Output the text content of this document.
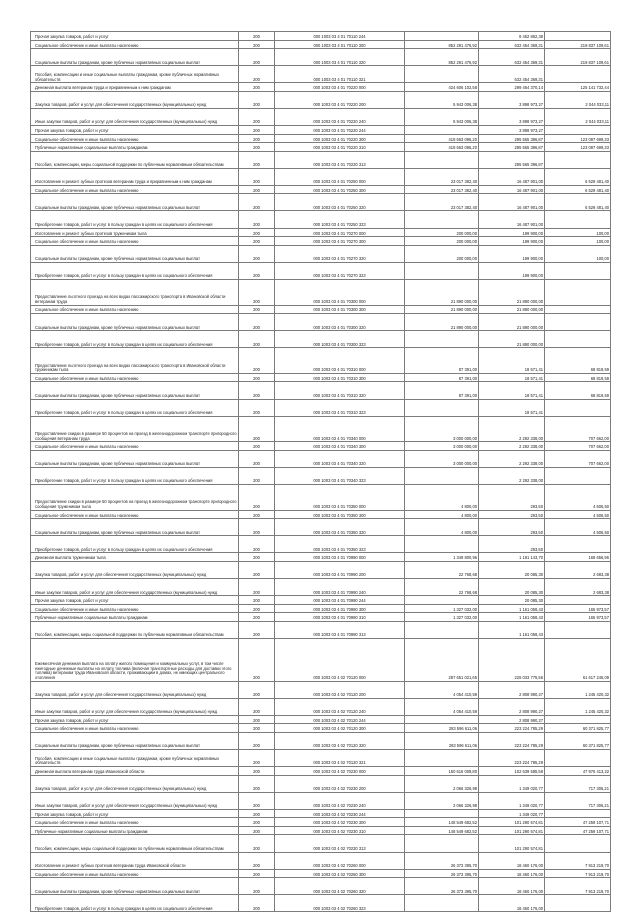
Прочая закупка товаров, работ и услуг	200	000 1003 03 4 01 70110 244		8 452 862,38	
Социальное обеспечение и иные выплаты населению	200	000 1003 03 4 01 70110 300	852 291 476,92	632 454 369,31	219 837 109,61
Социальные выплаты гражданам, кроме публичных нормативных социальных выплат	200	000 1003 03 4 01 70110 320	852 291 476,92	632 454 369,31	219 837 109,61
Пособия, компенсации и иные социальные выплаты гражданам, кроме публичных нормативных обязательств	200	000 1003 03 4 01 70110 321		632 454 369,31	
Денежная выплата ветеранам труда и приравненным к ним гражданам	200	000 1003 03 4 01 70220 000	424 606 102,58	299 464 370,14	125 141 732,44
Закупка товаров, работ и услуг для обеспечения государственных (муниципальных) нужд	200	000 1003 03 4 01 70220 200	5 943 006,38	3 898 973,27	2 044 033,11
Иные закупки товаров, работ и услуг для обеспечения государственных (муниципальных) нужд	200	000 1003 03 4 01 70220 240	5 943 006,38	3 898 973,27	2 044 033,11
Прочая закупка товаров, работ и услуг	200	000 1003 03 4 01 70220 244		3 898 973,27	
Социальное обеспечение и иные выплаты населению	200	000 1003 03 4 01 70220 300	418 663 096,20	295 565 396,87	123 097 699,33
Публичные нормативные социальные выплаты гражданам	200	000 1003 03 4 01 70220 310	418 663 096,20	295 565 396,87	123 097 699,33
Пособия, компенсации, меры социальной поддержки по публичным нормативным обязательствам	200	000 1003 03 4 01 70220 313		295 565 396,87	
Изготовление и ремонт зубных протезов ветеранам труда и приравненным к ним гражданам	200	000 1003 03 4 01 70250 000	23 017 382,40	16 487 901,00	6 529 481,40
Социальное обеспечение и иные выплаты населению	200	000 1003 03 4 01 70250 300	23 017 382,40	16 487 901,00	6 529 481,40
Социальные выплаты гражданам, кроме публичных нормативных социальных выплат	200	000 1003 03 4 01 70250 320	23 017 382,40	16 487 901,00	6 529 481,40
Приобретение товаров, работ и услуг в пользу граждан в целях их социального обеспечения	200	000 1003 03 4 01 70250 323		16 487 901,00	
Изготовление и ремонт зубных протезов труженикам тыла	200	000 1003 03 4 01 70270 000	200 000,00	199 900,00	100,00
Социальное обеспечение и иные выплаты населению	200	000 1003 03 4 01 70270 300	200 000,00	199 900,00	100,00
Социальные выплаты гражданам, кроме публичных нормативных социальных выплат	200	000 1003 03 4 01 70270 320	200 000,00	199 900,00	100,00
Приобретение товаров, работ и услуг в пользу граждан в целях их социального обеспечения	200	000 1003 03 4 01 70270 323		199 900,00	
Предоставление льготного проезда на всех видах пассажирского транспорта в Ивановской области ветеранам труда	200	000 1003 03 4 01 70300 000	21 890 000,00	21 890 000,00	
Социальное обеспечение и иные выплаты населению	200	000 1003 03 4 01 70300 300	21 890 000,00	21 890 000,00	
Социальные выплаты гражданам, кроме публичных нормативных социальных выплат	200	000 1003 03 4 01 70300 320	21 890 000,00	21 890 000,00	
Приобретение товаров, работ и услуг в пользу граждан в целях их социального обеспечения	200	000 1003 03 4 01 70300 323		21 890 000,00	
Предоставление льготного проезда на всех видах пассажирского транспорта в Ивановской области труженикам тыла	200	000 1003 03 4 01 70310 000	87 391,00	18 571,41	68 819,59
Социальное обеспечение и иные выплаты населению	200	000 1003 03 4 01 70310 300	87 391,00	18 571,41	68 819,59
Социальные выплаты гражданам, кроме публичных нормативных социальных выплат	200	000 1003 03 4 01 70310 320	87 391,00	18 571,41	68 819,59
Приобретение товаров, работ и услуг в пользу граждан в целях их социального обеспечения	200	000 1003 03 4 01 70310 323		18 571,41	
Предоставление скидки в размере 50 процентов на проезд в железнодорожном транспорте пригородного сообщения ветеранам труда	200	000 1003 03 4 01 70340 000	3 000 000,00	2 292 338,00	707 662,00
Социальное обеспечение и иные выплаты населению	200	000 1003 03 4 01 70340 300	3 000 000,00	2 292 338,00	707 662,00
Социальные выплаты гражданам, кроме публичных нормативных социальных выплат	200	000 1003 03 4 01 70340 320	3 000 000,00	2 292 338,00	707 662,00
Приобретение товаров, работ и услуг в пользу граждан в целях их социального обеспечения	200	000 1003 03 4 01 70340 323		2 292 338,00	
Предоставление скидки в размере 50 процентов на проезд в железнодорожном транспорте пригородного сообщения труженикам тыла	200	000 1003 03 4 01 70350 000	4 800,00	293,50	4 506,50
Социальное обеспечение и иные выплаты населению	200	000 1003 03 4 01 70350 300	4 800,00	293,50	4 506,50
Социальные выплаты гражданам, кроме публичных нормативных социальных выплат	200	000 1003 03 4 01 70350 320	4 800,00	293,50	4 506,50
Приобретение товаров, работ и услуг в пользу граждан в целях их социального обеспечения	200	000 1003 03 4 01 70350 323		293,50	
Денежная выплата труженикам тыла	200	000 1003 03 4 01 70990 000	1 349 800,96	1 181 143,70	168 656,96
Закупка товаров, работ и услуг для обеспечения государственных (муниципальных) нужд	200	000 1003 03 4 01 70990 200	22 768,68	20 085,30	2 683,38
Иные закупки товаров, работ и услуг для обеспечения государственных (муниципальных) нужд	200	000 1003 03 4 01 70990 240	22 768,68	20 085,30	2 683,38
Прочая закупка товаров, работ и услуг	200	000 1003 03 4 01 70990 244		20 085,30	
Социальное обеспечение и иные выплаты населению	200	000 1003 03 4 01 70990 300	1 327 032,00	1 161 058,43	165 973,57
Публичные нормативные социальные выплаты гражданам	200	000 1003 03 4 01 70990 310	1 327 032,00	1 161 058,43	165 973,57
Пособия, компенсации, меры социальной поддержки по публичным нормативным обязательствам	200	000 1003 03 4 01 70990 313		1 161 058,43	
Ежемесячная денежная выплата на оплату жилого помещения и коммунальных услуг, в том числе ежегодные денежные выплаты на оплату топлива (включая транспортные расходы для доставки этого топлива) ветеранам труда Ивановской области, проживающим в домах, не имеющих центрального отопления	200	000 1003 03 4 02 70120 000	287 651 021,65	226 033 775,56	61 617 246,09
Закупка товаров, работ и услуг для обеспечения государственных (муниципальных) нужд	200	000 1003 03 4 02 70120 200	4 054 410,59	2 808 990,27	1 245 420,32
Иные закупки товаров, работ и услуг для обеспечения государственных (муниципальных) нужд	200	000 1003 03 4 02 70120 240	4 054 410,59	2 808 990,27	1 245 420,32
Прочая закупка товаров, работ и услуг	200	000 1003 03 4 02 70120 244		2 808 990,27	
Социальное обеспечение и иные выплаты населению	200	000 1003 03 4 02 70120 300	283 596 611,06	223 224 785,29	60 371 825,77
Социальные выплаты гражданам, кроме публичных нормативных социальных выплат	200	000 1003 03 4 02 70120 320	283 596 611,06	223 224 785,29	60 371 825,77
Пособия, компенсации и иные социальные выплаты гражданам, кроме публичных нормативных обязательств	200	000 1003 03 4 02 70120 321		223 224 785,29	
Денежная выплата ветеранам труда Ивановской области	200	000 1003 03 4 02 70230 000	150 616 009,80	102 639 595,58	47 976 413,22
Закупка товаров, работ и услуг для обеспечения государственных (муниципальных) нужд	200	000 1003 03 4 02 70230 200	2 066 326,98	1 349 020,77	717 306,21
Иные закупки товаров, работ и услуг для обеспечения государственных (муниципальных) нужд	200	000 1003 03 4 02 70230 240	2 066 326,98	1 349 020,77	717 306,21
Прочая закупка товаров, работ и услуг	200	000 1003 03 4 02 70230 244		1 349 020,77	
Социальное обеспечение и иные выплаты населению	200	000 1003 03 4 02 70230 300	148 549 682,52	101 290 574,81	47 259 107,71
Публичные нормативные социальные выплаты гражданам	200	000 1003 03 4 02 70230 310	148 549 682,52	101 290 574,81	47 259 107,71
Пособия, компенсации, меры социальной поддержки по публичным нормативным обязательствам	200	000 1003 03 4 02 70230 313		101 290 574,81	
Изготовление и ремонт зубных протезов ветеранам труда Ивановской области	200	000 1003 03 4 02 70260 000	26 373 395,70	18 460 176,00	7 913 219,70
Социальное обеспечение и иные выплаты населению	200	000 1003 03 4 02 70260 300	26 373 395,70	18 460 176,00	7 913 219,70
Социальные выплаты гражданам, кроме публичных нормативных социальных выплат	200	000 1003 03 4 02 70260 320	26 373 395,70	18 460 176,00	7 913 219,70
Приобретение товаров, работ и услуг в пользу граждан в целях их социального обеспечения	200	000 1003 03 4 02 70260 323		18 460 176,00	
